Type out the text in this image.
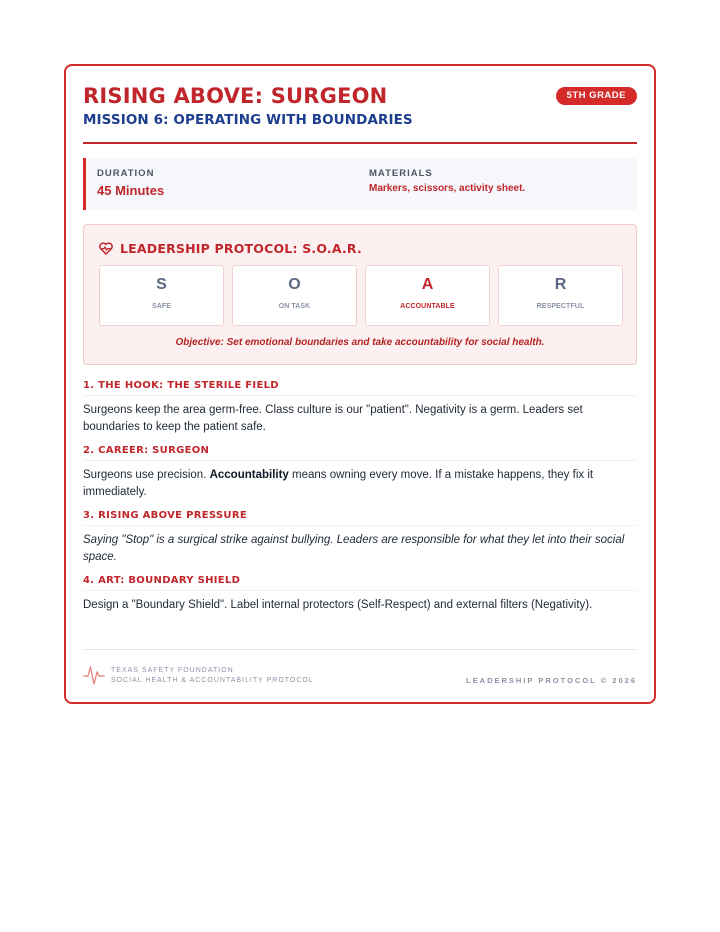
RISING ABOVE: SURGEON
MISSION 6: OPERATING WITH BOUNDARIES
5TH GRADE
DURATION
45 Minutes
MATERIALS
Markers, scissors, activity sheet.
LEADERSHIP PROTOCOL: S.O.A.R.
S
SAFE
O
ON TASK
A
ACCOUNTABLE
R
RESPECTFUL
Objective: Set emotional boundaries and take accountability for social health.
1. THE HOOK: THE STERILE FIELD
Surgeons keep the area germ-free. Class culture is our "patient". Negativity is a germ. Leaders set boundaries to keep the patient safe.
2. CAREER: SURGEON
Surgeons use precision. Accountability means owning every move. If a mistake happens, they fix it immediately.
3. RISING ABOVE PRESSURE
Saying "Stop" is a surgical strike against bullying. Leaders are responsible for what they let into their social space.
4. ART: BOUNDARY SHIELD
Design a "Boundary Shield". Label internal protectors (Self-Respect) and external filters (Negativity).
TEXAS SAFETY FOUNDATION
SOCIAL HEALTH & ACCOUNTABILITY PROTOCOL	LEADERSHIP PROTOCOL © 2026
